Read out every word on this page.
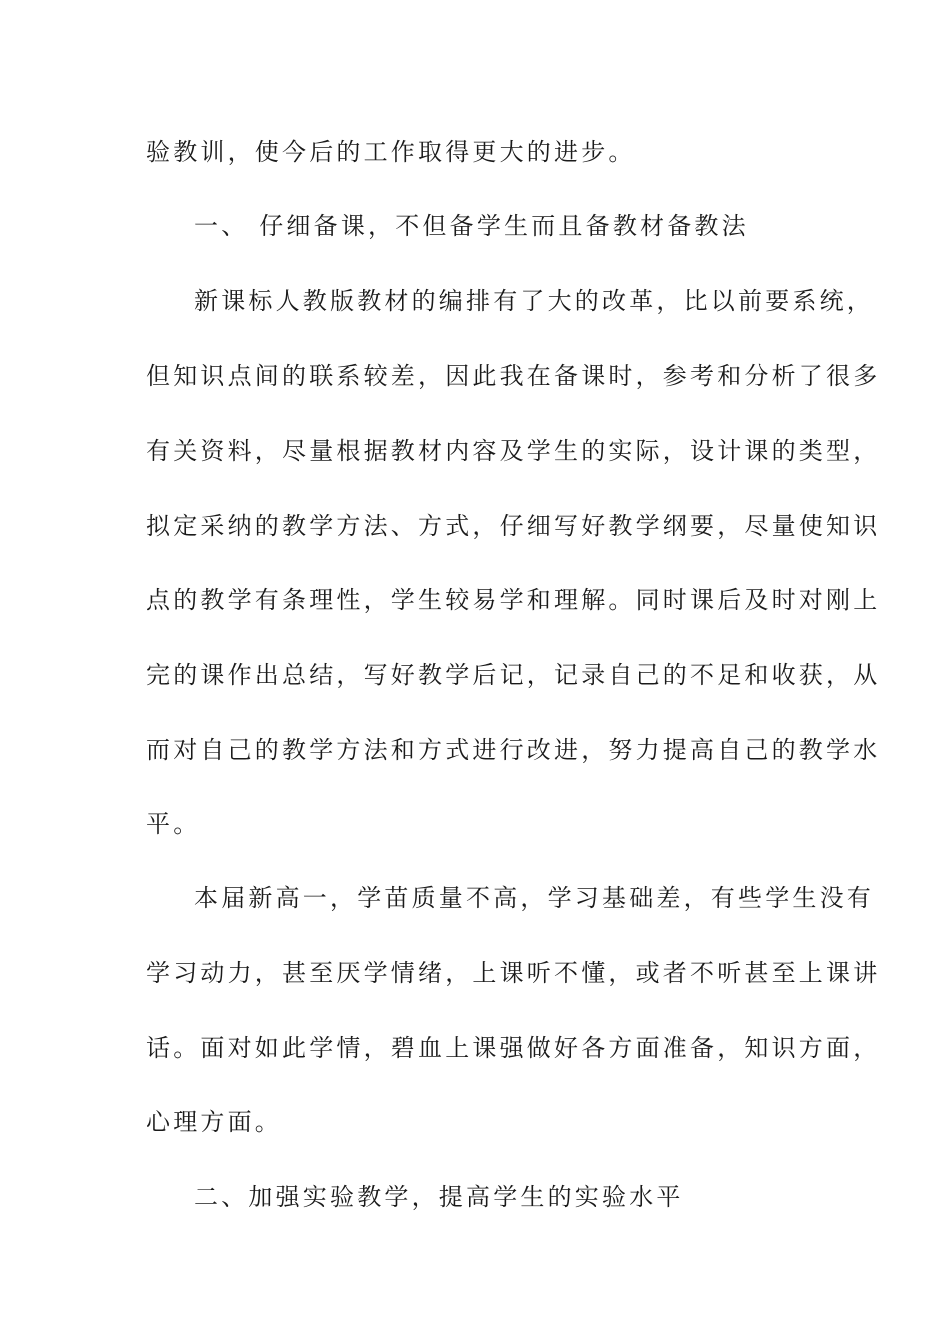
验教训，使今后的工作取得更大的进步。
一、 仔细备课，不但备学生而且备教材备教法
新课标人教版教材的编排有了大的改革，比以前要系统，
但知识点间的联系较差，因此我在备课时，参考和分析了很多
有关资料，尽量根据教材内容及学生的实际，设计课的类型，
拟定采纳的教学方法、方式，仔细写好教学纲要，尽量使知识
点的教学有条理性，学生较易学和理解。同时课后及时对刚上
完的课作出总结，写好教学后记，记录自己的不足和收获，从
而对自己的教学方法和方式进行改进，努力提高自己的教学水
平。
本届新高一，学苗质量不高，学习基础差，有些学生没有
学习动力，甚至厌学情绪，上课听不懂，或者不听甚至上课讲
话。面对如此学情，碧血上课强做好各方面准备，知识方面，
心理方面。
二、加强实验教学，提高学生的实验水平
